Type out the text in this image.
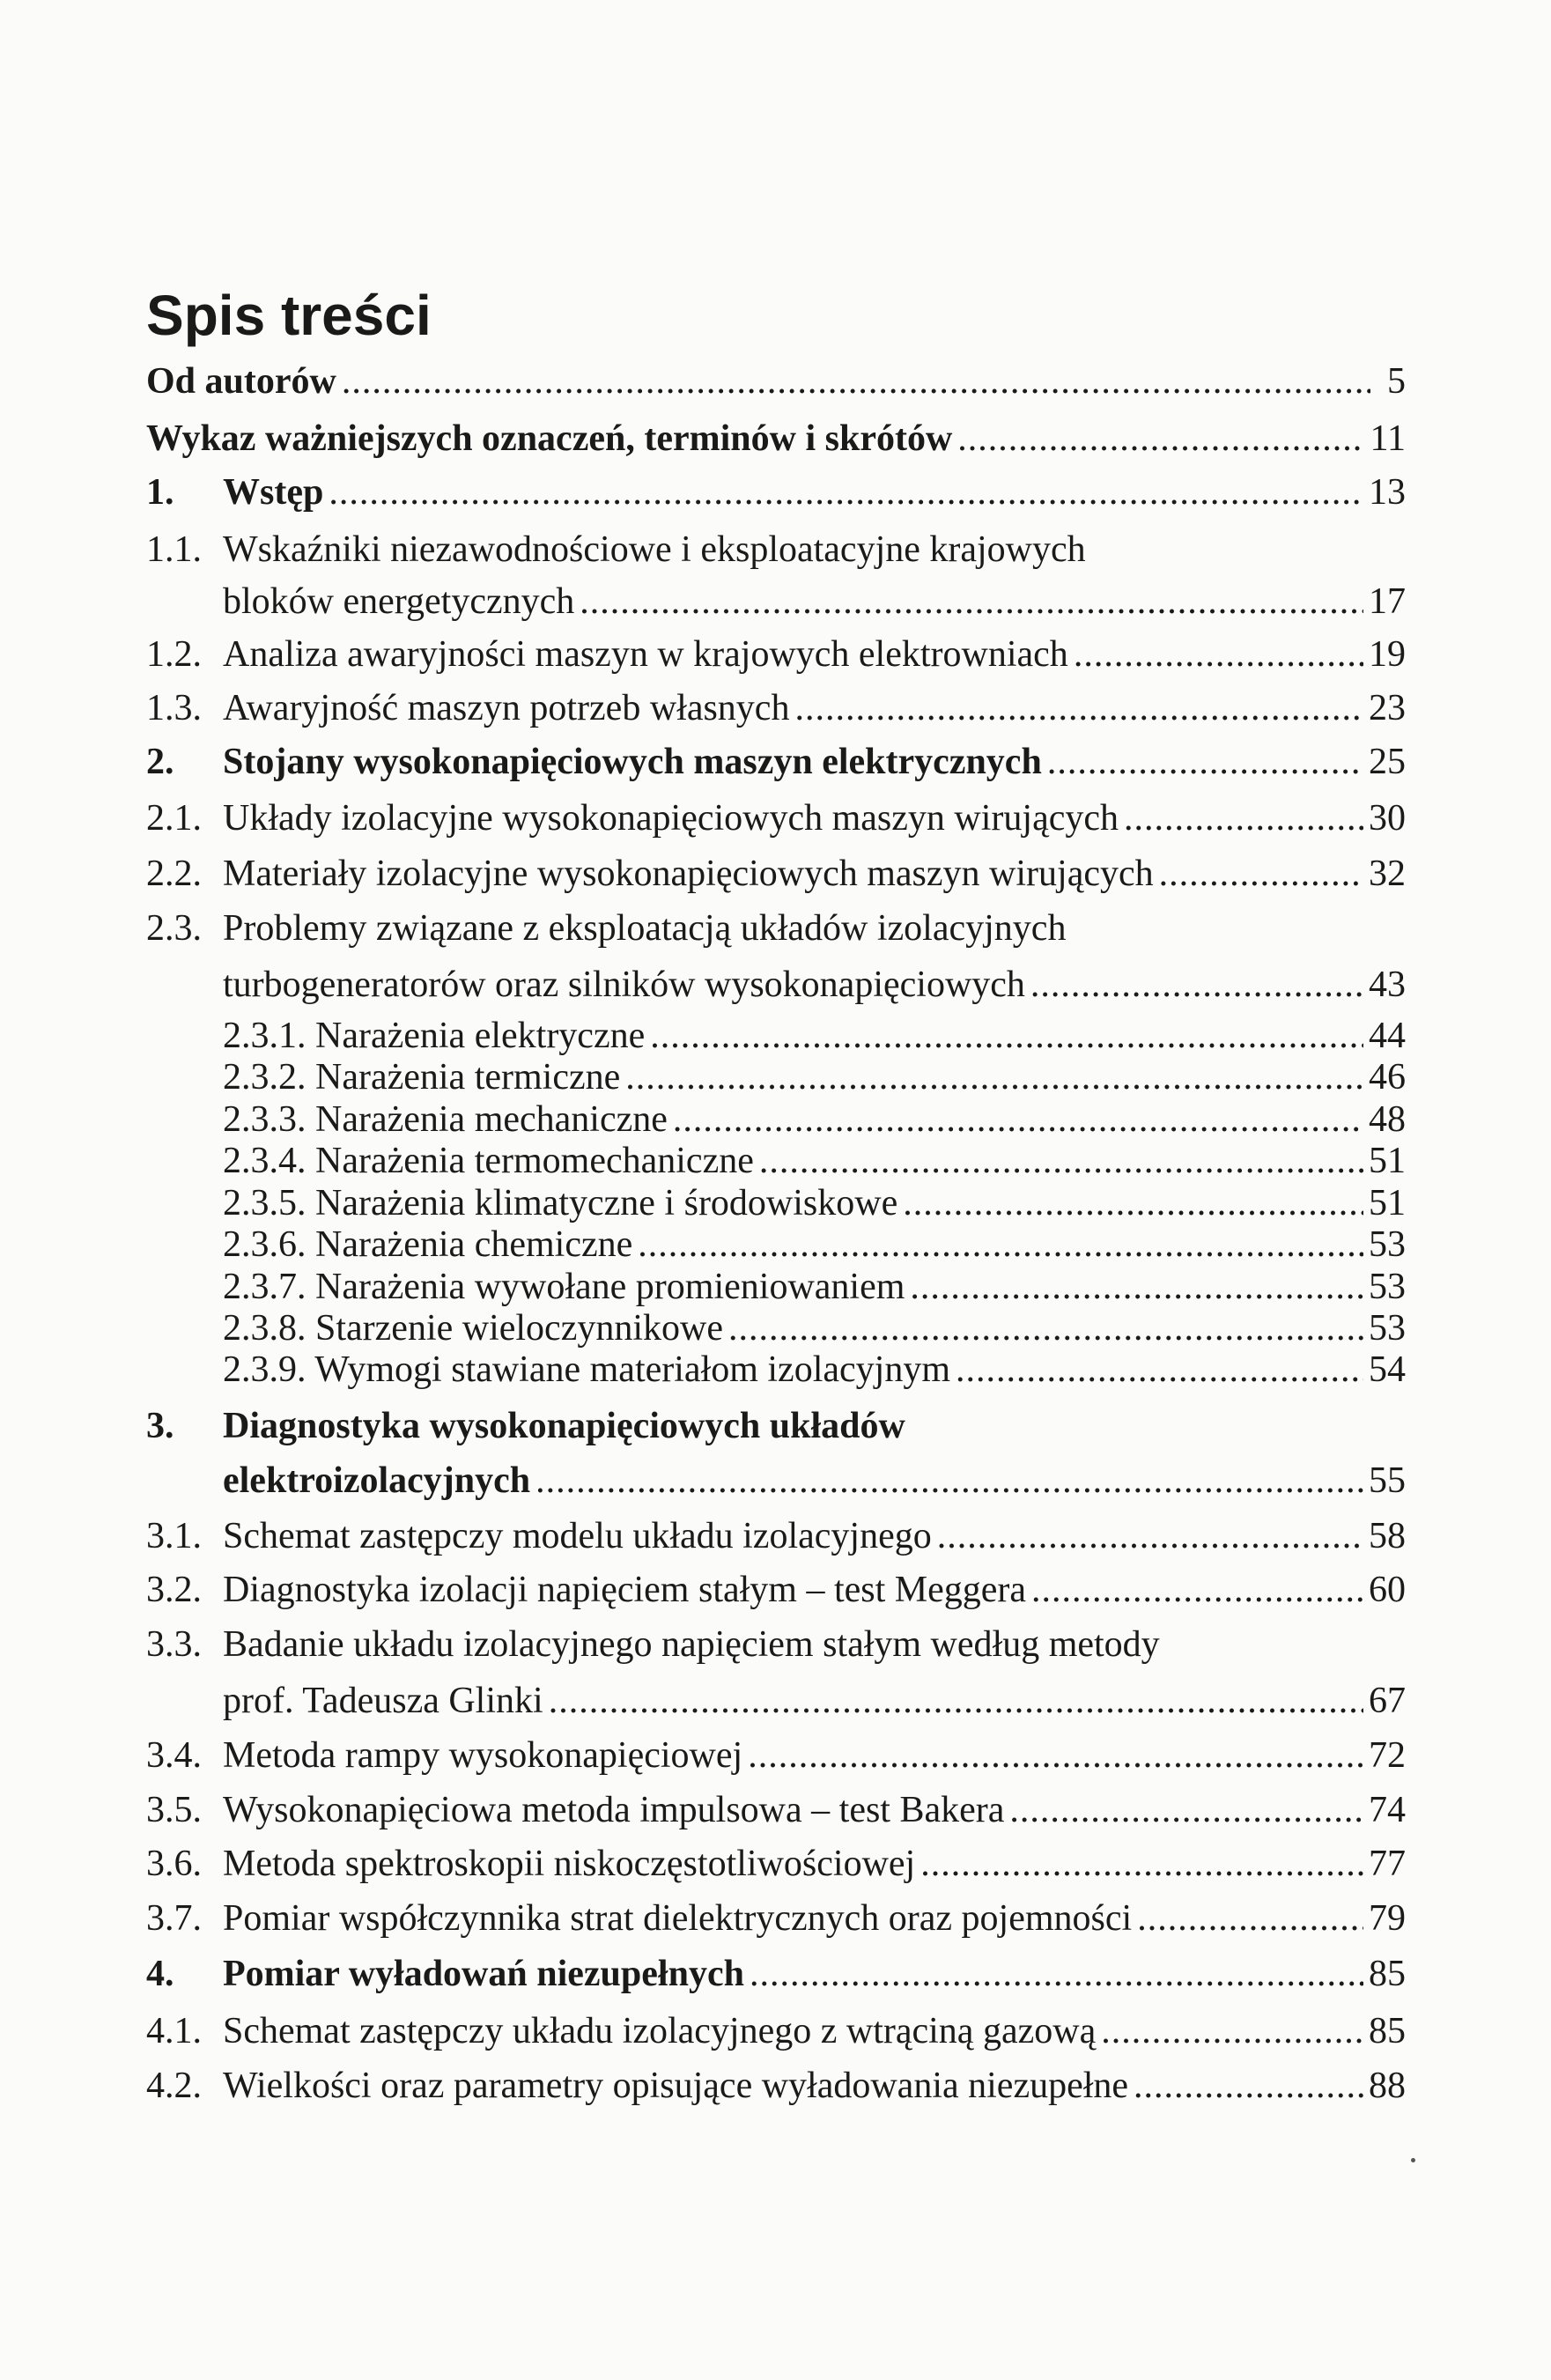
Spis treści
Od autorów .....	5
Wykaz ważniejszych oznaczeń, terminów i skrótów .....	11
1. Wstęp .....	13
1.1. Wskaźniki niezawodnościowe i eksploatacyjne krajowych
bloków energetycznych .....	17
1.2. Analiza awaryjności maszyn w krajowych elektrowniach .....	19
1.3. Awaryjność maszyn potrzeb własnych .....	23
2. Stojany wysokonapięciowych maszyn elektrycznych .....	25
2.1. Układy izolacyjne wysokonapięciowych maszyn wirujących .....	30
2.2. Materiały izolacyjne wysokonapięciowych maszyn wirujących .....	32
2.3. Problemy związane z eksploatacją układów izolacyjnych
turbogeneratorów oraz silników wysokonapięciowych .....	43
2.3.1. Narażenia elektryczne .....	44
2.3.2. Narażenia termiczne .....	46
2.3.3. Narażenia mechaniczne .....	48
2.3.4. Narażenia termomechaniczne .....	51
2.3.5. Narażenia klimatyczne i środowiskowe .....	51
2.3.6. Narażenia chemiczne .....	53
2.3.7. Narażenia wywołane promieniowaniem .....	53
2.3.8. Starzenie wieloczynnikowe .....	53
2.3.9. Wymogi stawiane materiałom izolacyjnym .....	54
3. Diagnostyka wysokonapięciowych układów
elektroizolacyjnych .....	55
3.1. Schemat zastępczy modelu układu izolacyjnego .....	58
3.2. Diagnostyka izolacji napięciem stałym – test Meggera .....	60
3.3. Badanie układu izolacyjnego napięciem stałym według metody
prof. Tadeusza Glinki .....	67
3.4. Metoda rampy wysokonapięciowej .....	72
3.5. Wysokonapięciowa metoda impulsowa – test Bakera .....	74
3.6. Metoda spektroskopii niskoczęstotliwościowej .....	77
3.7. Pomiar współczynnika strat dielektrycznych oraz pojemności .....	79
4. Pomiar wyładowań niezupełnych .....	85
4.1. Schemat zastępczy układu izolacyjnego z wtrąciną gazową .....	85
4.2. Wielkości oraz parametry opisujące wyładowania niezupełne .....	88
